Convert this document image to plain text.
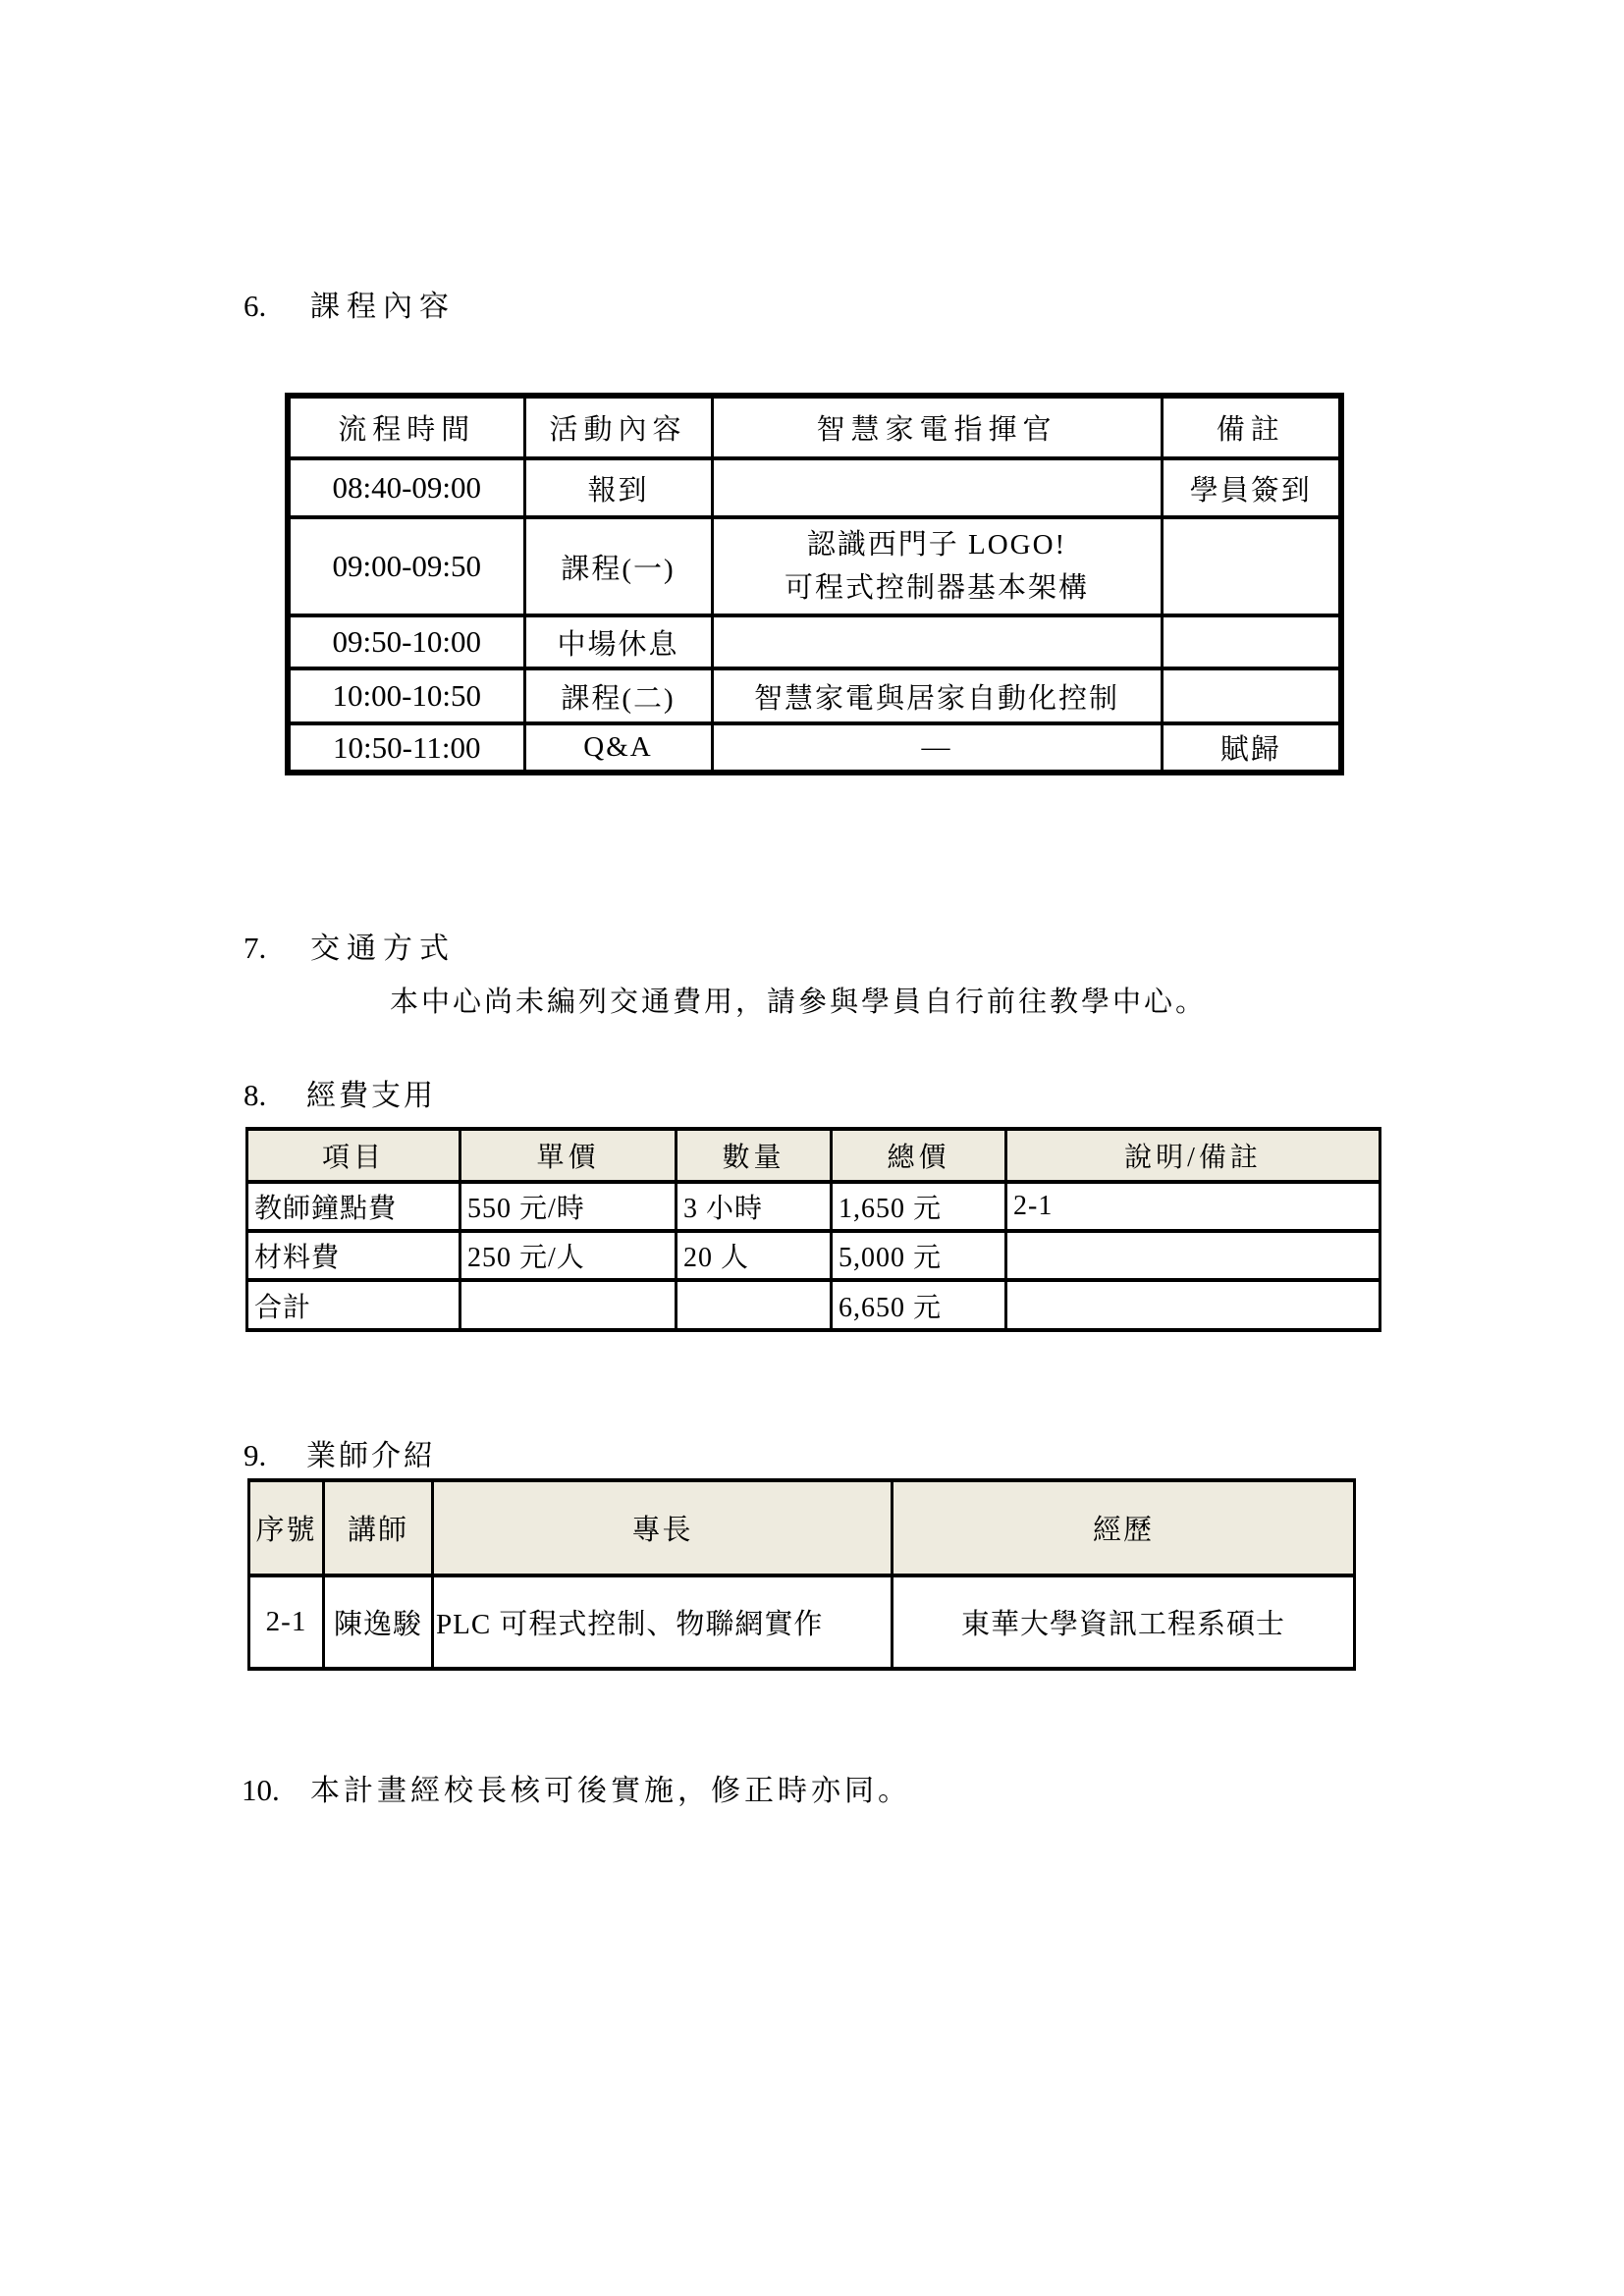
6.	課程內容
流程時間	活動內容	智慧家電指揮官	備註
08:40-09:00	報到		學員簽到
09:00-09:50	課程(一)	認識西門子 LOGO!
可程式控制器基本架構	

09:50-10:00	中場休息		
10:00-10:50	課程(二)	智慧家電與居家自動化控制	
10:50-11:00	Q&A	—	賦歸
7.	交通方式
本中心尚未編列交通費用，請參與學員自行前往教學中心。
8.	經費支用
項目	單價	數量	總價	說明/備註
教師鐘點費	550 元/時	3 小時	1,650 元	2-1
材料費	250 元/人	20 人	5,000 元	
合計			6,650 元	
9.	業師介紹
序號	講師	專長	經歷
2-1	陳逸駿	PLC 可程式控制、物聯網實作	東華大學資訊工程系碩士
10.	本計畫經校長核可後實施，修正時亦同。
